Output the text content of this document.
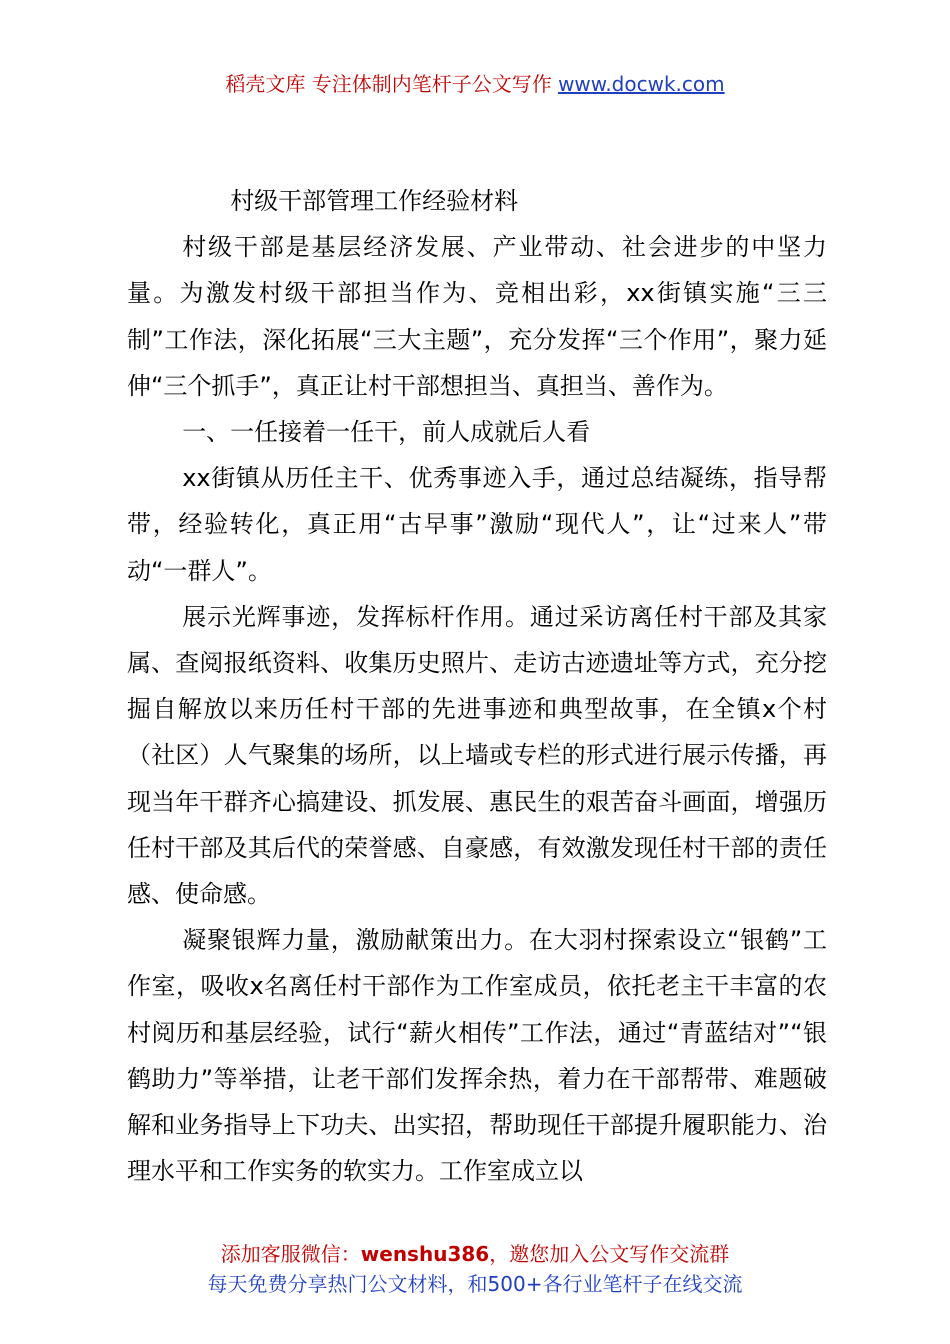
稻壳文库 专注体制内笔杆子公文写作 www.docwk.com

村级干部管理工作经验材料

村级干部是基层经济发展、产业带动、社会进步的中坚力量。为激发村级干部担当作为、竞相出彩，xx街镇实施“三三制”工作法，深化拓展“三大主题”，充分发挥“三个作用”，聚力延伸“三个抓手”，真正让村干部想担当、真担当、善作为。

一、一任接着一任干，前人成就后人看

xx街镇从历任主干、优秀事迹入手，通过总结凝练，指导帮带，经验转化，真正用“古早事”激励“现代人”，让“过来人”带动“一群人”。

展示光辉事迹，发挥标杆作用。通过采访离任村干部及其家属、查阅报纸资料、收集历史照片、走访古迹遗址等方式，充分挖掘自解放以来历任村干部的先进事迹和典型故事，在全镇x个村（社区）人气聚集的场所，以上墙或专栏的形式进行展示传播，再现当年干群齐心搞建设、抓发展、惠民生的艰苦奋斗画面，增强历任村干部及其后代的荣誉感、自豪感，有效激发现任村干部的责任感、使命感。

凝聚银辉力量，激励献策出力。在大羽村探索设立“银鹤”工作室，吸收x名离任村干部作为工作室成员，依托老主干丰富的农村阅历和基层经验，试行“薪火相传”工作法，通过“青蓝结对”“银鹤助力”等举措，让老干部们发挥余热，着力在干部帮带、难题破解和业务指导上下功夫、出实招，帮助现任干部提升履职能力、治理水平和工作实务的软实力。工作室成立以

添加客服微信：wenshu386，邀您加入公文写作交流群
每天免费分享热门公文材料，和500+各行业笔杆子在线交流
